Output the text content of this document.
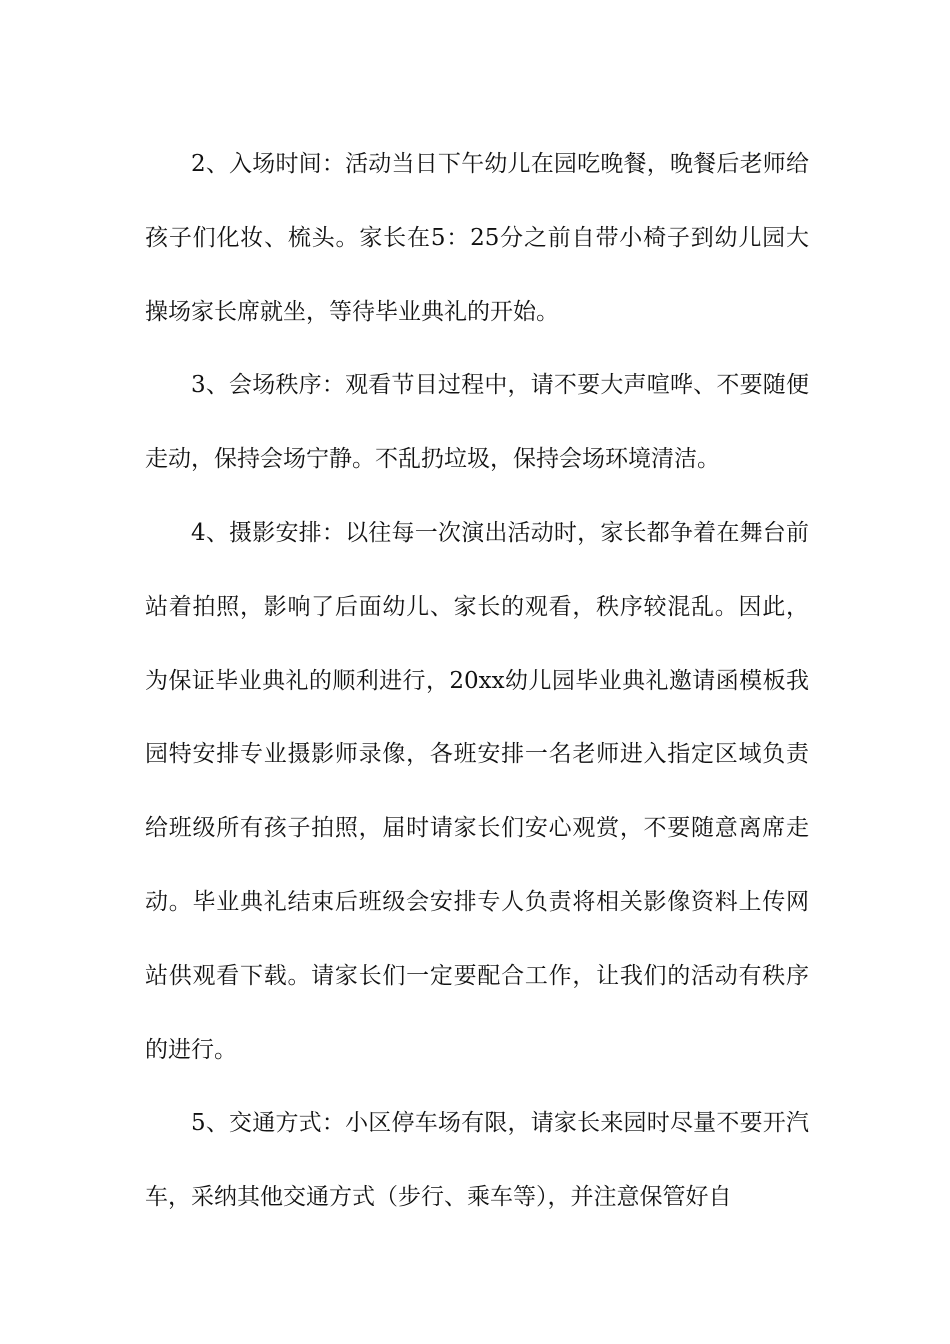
2、入场时间：活动当日下午幼儿在园吃晚餐，晚餐后老师给孩子们化妆、梳头。家长在5：25分之前自带小椅子到幼儿园大操场家长席就坐，等待毕业典礼的开始。

3、会场秩序：观看节目过程中，请不要大声喧哗、不要随便走动，保持会场宁静。不乱扔垃圾，保持会场环境清洁。

4、摄影安排：以往每一次演出活动时，家长都争着在舞台前站着拍照，影响了后面幼儿、家长的观看，秩序较混乱。因此，为保证毕业典礼的顺利进行，20xx幼儿园毕业典礼邀请函模板我园特安排专业摄影师录像，各班安排一名老师进入指定区域负责给班级所有孩子拍照，届时请家长们安心观赏，不要随意离席走动。毕业典礼结束后班级会安排专人负责将相关影像资料上传网站供观看下载。请家长们一定要配合工作，让我们的活动有秩序的进行。

5、交通方式：小区停车场有限，请家长来园时尽量不要开汽车，采纳其他交通方式（步行、乘车等），并注意保管好自
